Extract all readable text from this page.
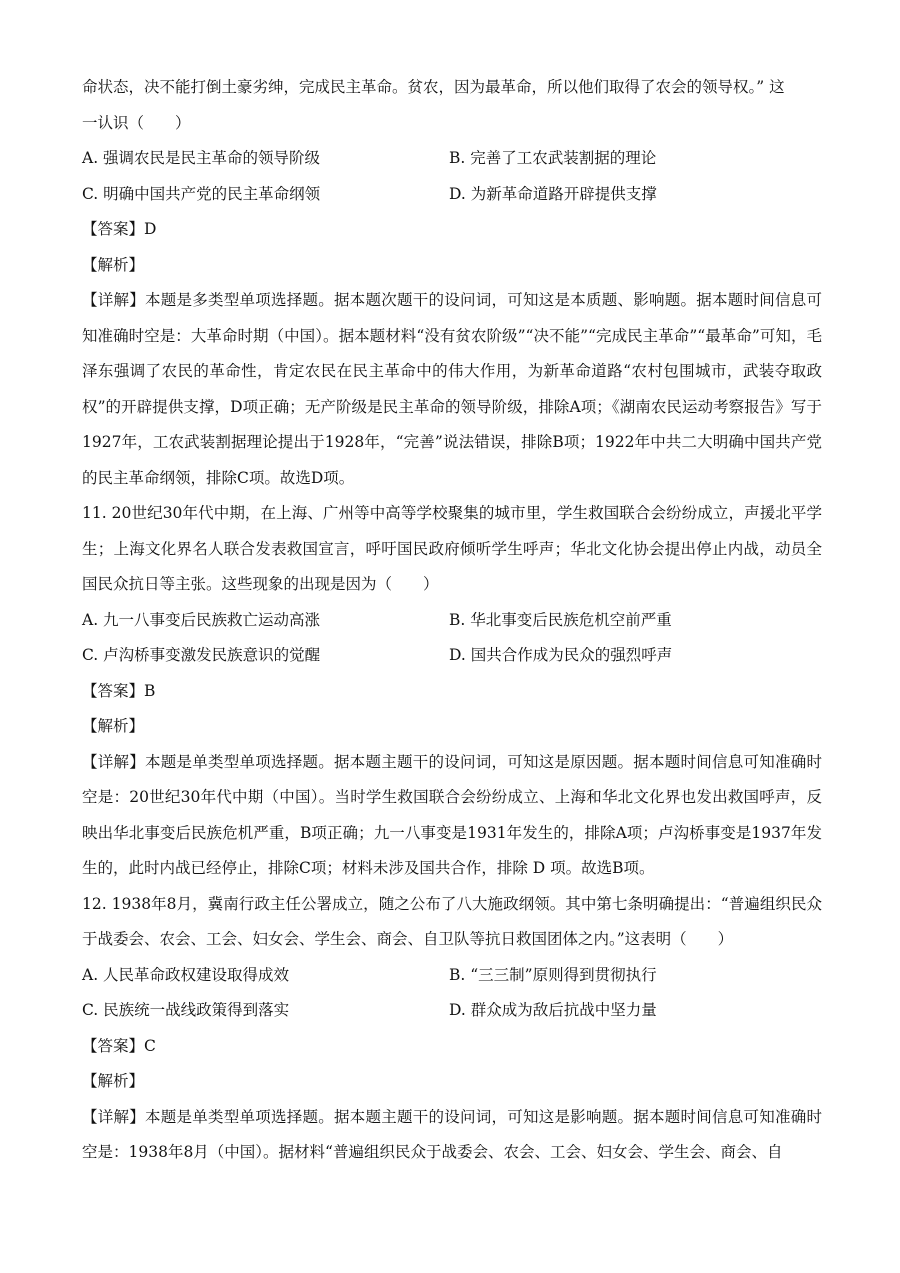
命状态，决不能打倒土豪劣绅，完成民主革命。贫农，因为最革命，所以他们取得了农会的领导权。” 这
一认识（　　）
A. 强调农民是民主革命的领导阶级	B. 完善了工农武装割据的理论
C. 明确中国共产党的民主革命纲领	D. 为新革命道路开辟提供支撑
【答案】D
【解析】
【详解】本题是多类型单项选择题。据本题次题干的设问词，可知这是本质题、影响题。据本题时间信息可知准确时空是：大革命时期（中国）。据本题材料“没有贫农阶级”“决不能”“完成民主革命”“最革命”可知，毛泽东强调了农民的革命性，肯定农民在民主革命中的伟大作用，为新革命道路“农村包围城市，武装夺取政权”的开辟提供支撑，D项正确；无产阶级是民主革命的领导阶级，排除A项；《湖南农民运动考察报告》写于1927年，工农武装割据理论提出于1928年，“完善”说法错误，排除B项；1922年中共二大明确中国共产党的民主革命纲领，排除C项。故选D项。
11. 20世纪30年代中期，在上海、广州等中高等学校聚集的城市里，学生救国联合会纷纷成立，声援北平学生；上海文化界名人联合发表救国宣言，呼吁国民政府倾听学生呼声；华北文化协会提出停止内战，动员全国民众抗日等主张。这些现象的出现是因为（　　）
A. 九一八事变后民族救亡运动高涨	B. 华北事变后民族危机空前严重
C. 卢沟桥事变激发民族意识的觉醒	D. 国共合作成为民众的强烈呼声
【答案】B
【解析】
【详解】本题是单类型单项选择题。据本题主题干的设问词，可知这是原因题。据本题时间信息可知准确时空是：20世纪30年代中期（中国）。当时学生救国联合会纷纷成立、上海和华北文化界也发出救国呼声，反映出华北事变后民族危机严重，B项正确；九一八事变是1931年发生的，排除A项；卢沟桥事变是1937年发生的，此时内战已经停止，排除C项；材料未涉及国共合作，排除 D 项。故选B项。
12. 1938年8月，冀南行政主任公署成立，随之公布了八大施政纲领。其中第七条明确提出：“普遍组织民众于战委会、农会、工会、妇女会、学生会、商会、自卫队等抗日救国团体之内。”这表明（　　）
A. 人民革命政权建设取得成效	B. “三三制”原则得到贯彻执行
C. 民族统一战线政策得到落实	D. 群众成为敌后抗战中坚力量
【答案】C
【解析】
【详解】本题是单类型单项选择题。据本题主题干的设问词，可知这是影响题。据本题时间信息可知准确时空是：1938年8月（中国）。据材料“普遍组织民众于战委会、农会、工会、妇女会、学生会、商会、自
